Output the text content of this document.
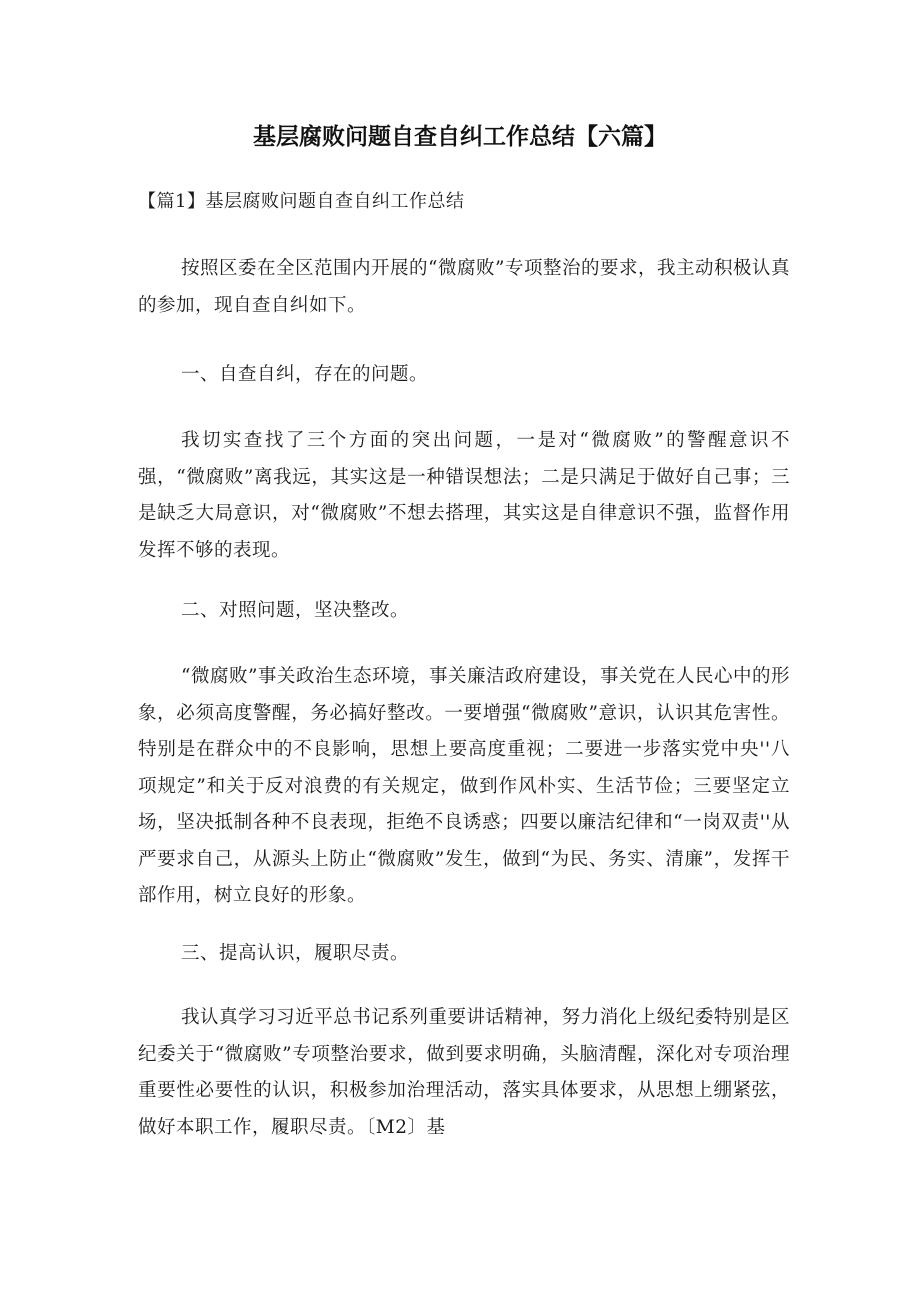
基层腐败问题自查自纠工作总结【六篇】
【篇1】基层腐败问题自查自纠工作总结

按照区委在全区范围内开展的“微腐败”专项整治的要求，我主动积极认真的参加，现自查自纠如下。

一、自查自纠，存在的问题。

我切实查找了三个方面的突出问题，一是对“微腐败”的警醒意识不强，“微腐败”离我远，其实这是一种错误想法；二是只满足于做好自己事；三是缺乏大局意识，对“微腐败”不想去搭理，其实这是自律意识不强，监督作用发挥不够的表现。

二、对照问题，坚决整改。

“微腐败”事关政治生态环境，事关廉洁政府建设，事关党在人民心中的形象，必须高度警醒，务必搞好整改。一要增强“微腐败”意识，认识其危害性。特别是在群众中的不良影响，思想上要高度重视；二要进一步落实党中央''八项规定”和关于反对浪费的有关规定，做到作风朴实、生活节俭；三要坚定立场，坚决抵制各种不良表现，拒绝不良诱惑；四要以廉洁纪律和“一岗双责''从严要求自己，从源头上防止“微腐败”发生，做到“为民、务实、清廉”，发挥干部作用，树立良好的形象。

三、提高认识，履职尽责。

我认真学习习近平总书记系列重要讲话精神，努力消化上级纪委特别是区纪委关于“微腐败”专项整治要求，做到要求明确，头脑清醒，深化对专项治理重要性必要性的认识，积极参加治理活动，落实具体要求，从思想上绷紧弦，做好本职工作，履职尽责。〔M2〕基
